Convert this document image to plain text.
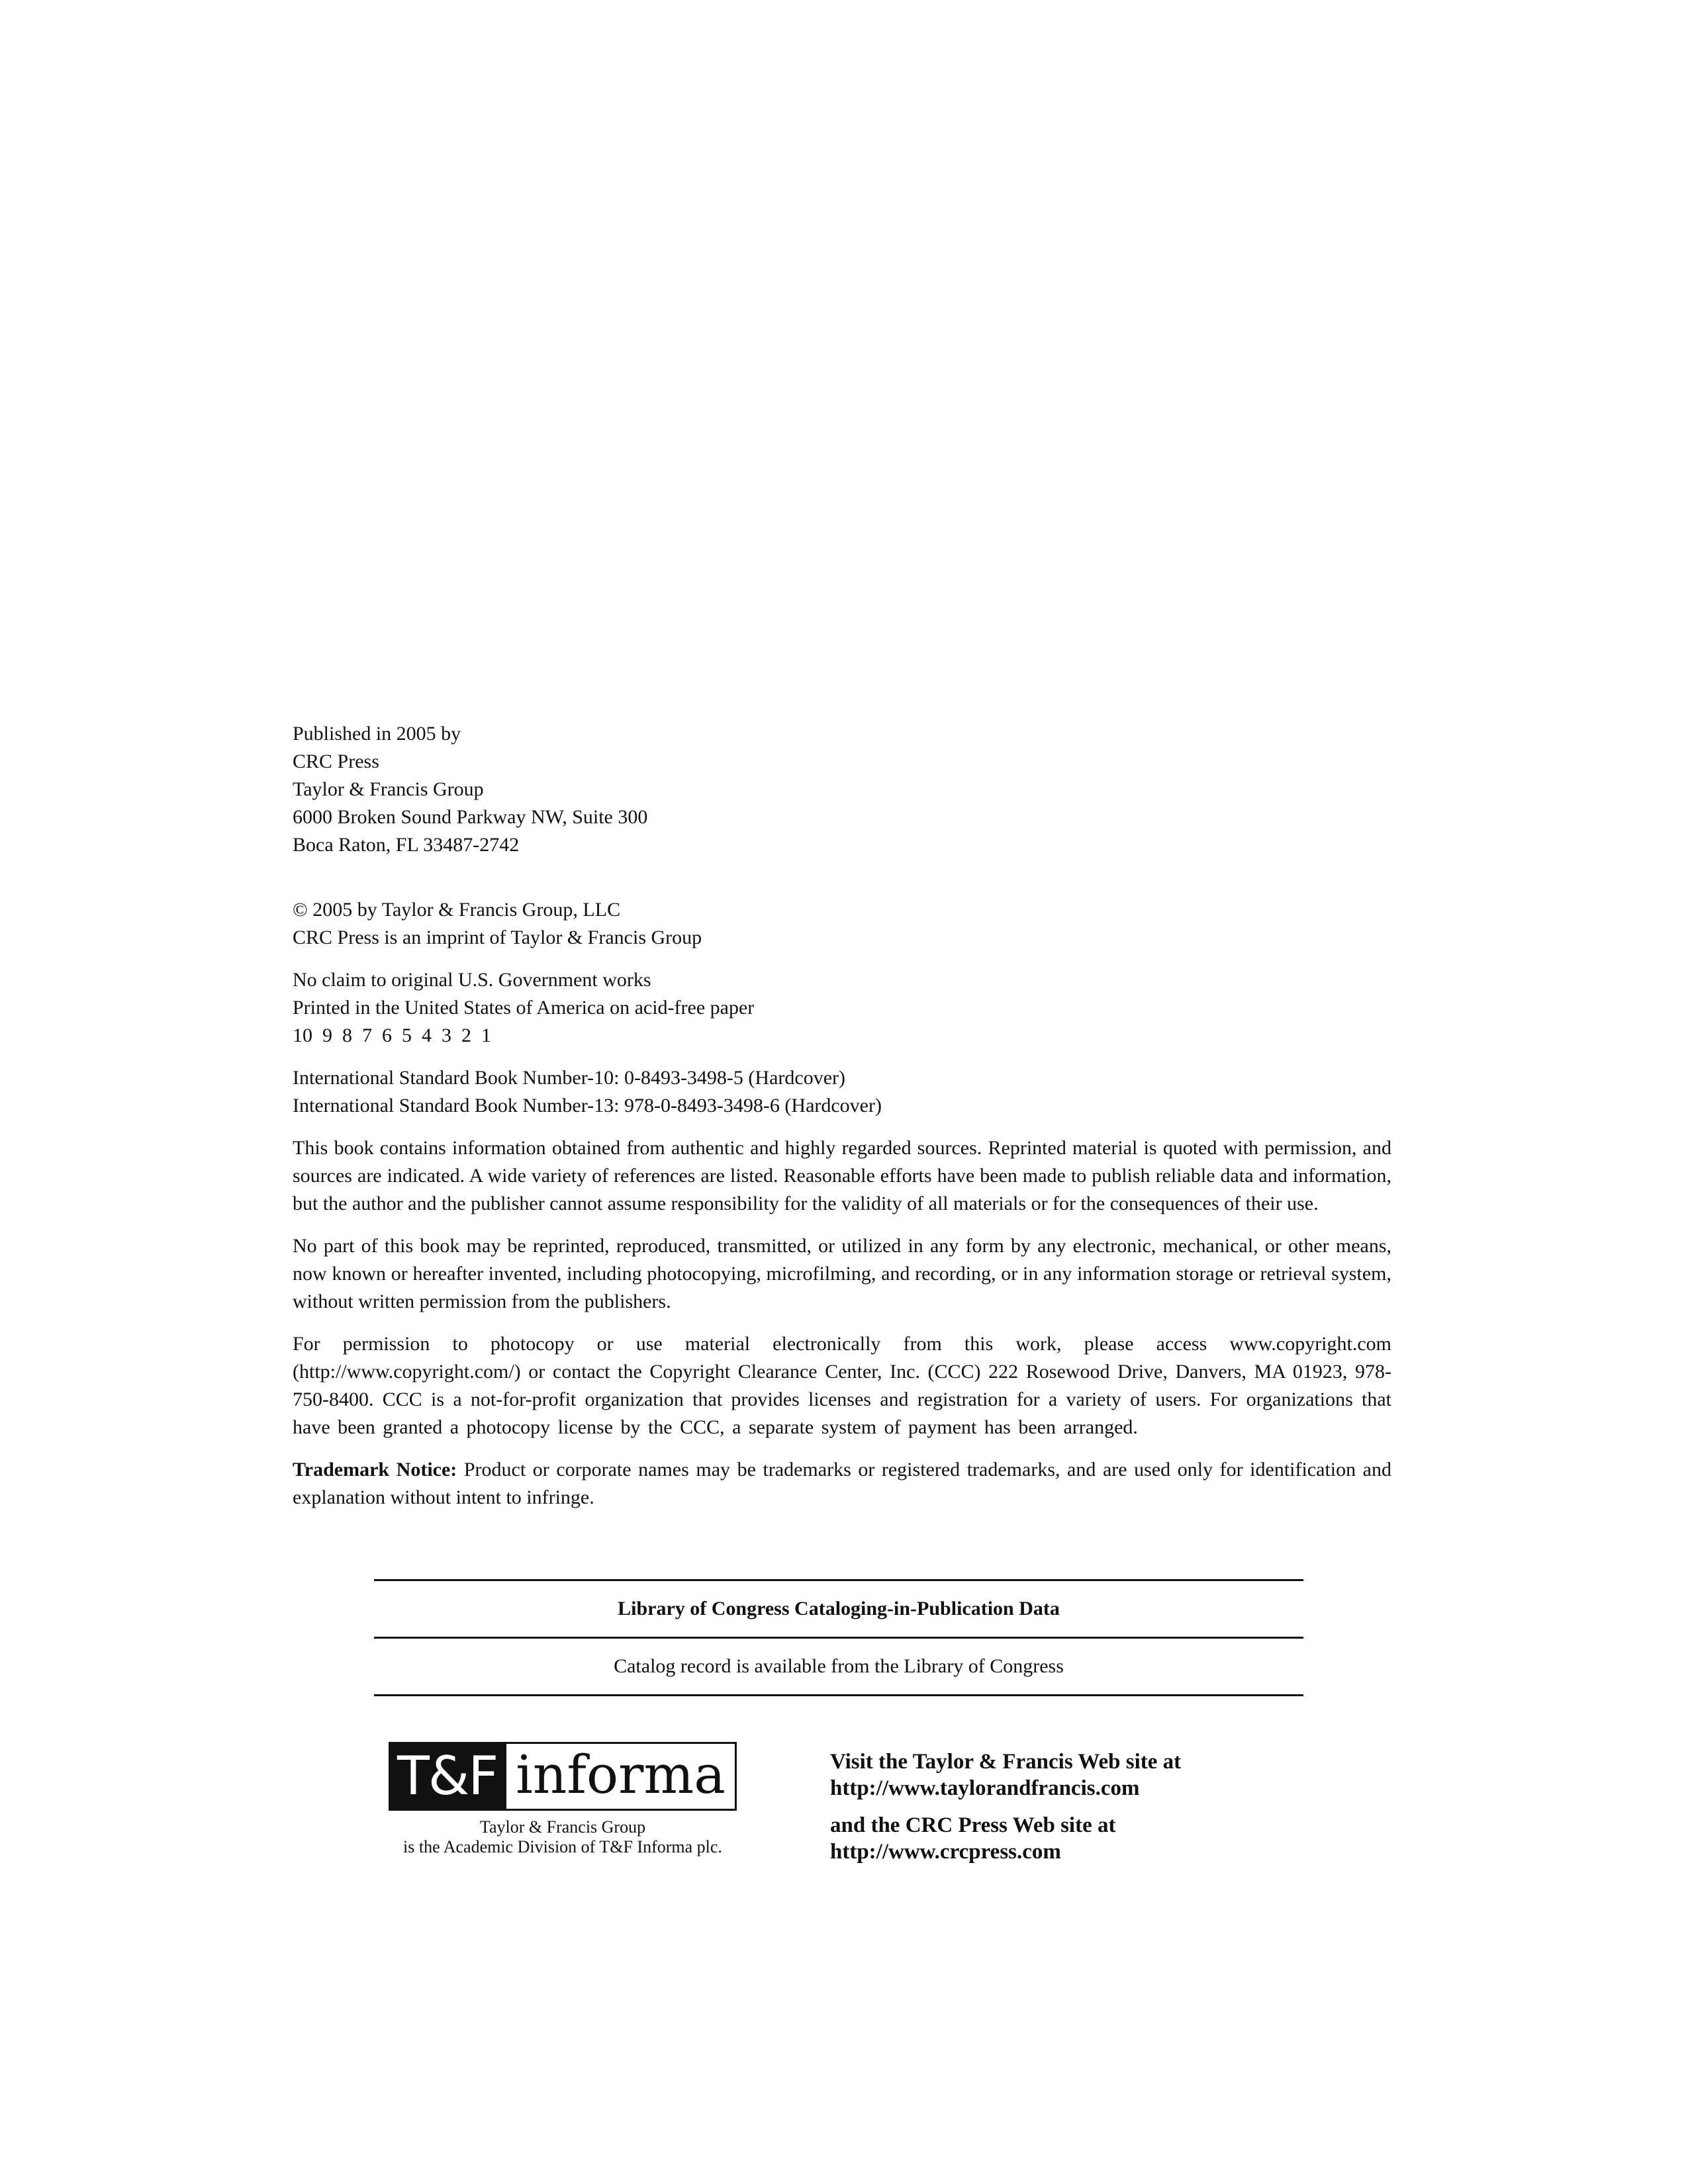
Published in 2005 by

CRC Press

Taylor & Francis Group

6000 Broken Sound Parkway NW, Suite 300

Boca Raton, FL 33487-2742

© 2005 by Taylor & Francis Group, LLC

CRC Press is an imprint of Taylor & Francis Group

No claim to original U.S. Government works

Printed in the United States of America on acid-free paper

10  9  8  7  6  5  4  3  2  1

International Standard Book Number-10: 0-8493-3498-5 (Hardcover)

International Standard Book Number-13: 978-0-8493-3498-6 (Hardcover)

This book contains information obtained from authentic and highly regarded sources. Reprinted material is quoted with permission, and sources are indicated. A wide variety of references are listed. Reasonable efforts have been made to publish reliable data and information, but the author and the publisher cannot assume responsibility for the validity of all materials or for the consequences of their use.

No part of this book may be reprinted, reproduced, transmitted, or utilized in any form by any electronic, mechanical, or other means, now known or hereafter invented, including photocopying, microfilming, and recording, or in any information storage or retrieval system, without written permission from the publishers.

For permission to photocopy or use material electronically from this work, please access www.copyright.com (http://www.copyright.com/) or contact the Copyright Clearance Center, Inc. (CCC) 222 Rosewood Drive, Danvers, MA 01923, 978-750-8400. CCC is a not-for-profit organization that provides licenses and registration for a variety of users. For organizations that have been granted a photocopy license by the CCC, a separate system of payment has been arranged.

Trademark Notice: Product or corporate names may be trademarks or registered trademarks, and are used only for identification and explanation without intent to infringe.

Library of Congress Cataloging-in-Publication Data
Catalog record is available from the Library of Congress
T&F informa

Taylor & Francis Group

is the Academic Division of T&F Informa plc.

Visit the Taylor & Francis Web site at

http://www.taylorandfrancis.com

and the CRC Press Web site at

http://www.crcpress.com
